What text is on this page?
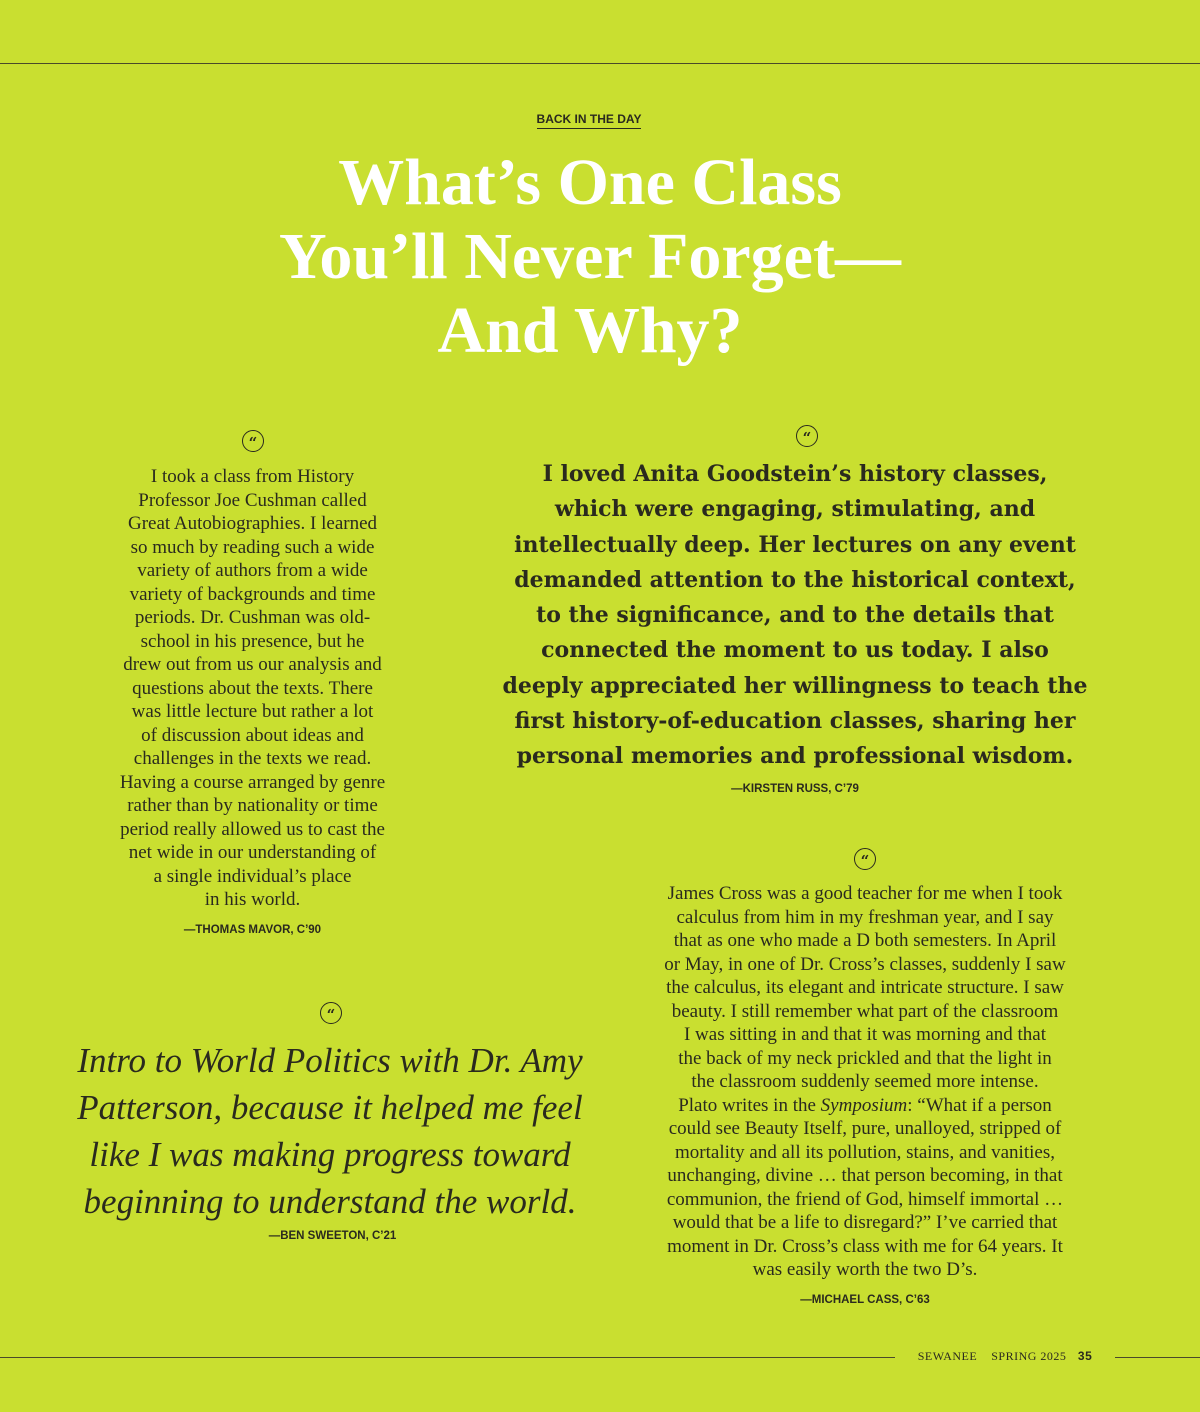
BACK IN THE DAY
What’s One Class
You’ll Never Forget—
And Why?
“
I took a class from History
Professor Joe Cushman called
Great Autobiographies. I learned
so much by reading such a wide
variety of authors from a wide
variety of backgrounds and time
periods. Dr. Cushman was old-
school in his presence, but he
drew out from us our analysis and
questions about the texts. There
was little lecture but rather a lot
of discussion about ideas and
challenges in the texts we read.
Having a course arranged by genre
rather than by nationality or time
period really allowed us to cast the
net wide in our understanding of
a single individual’s place
in his world.
—THOMAS MAVOR, C’90
“
I loved Anita Goodstein’s history classes,
which were engaging, stimulating, and
intellectually deep. Her lectures on any event
demanded attention to the historical context,
to the significance, and to the details that
connected the moment to us today. I also
deeply appreciated her willingness to teach the
first history-of-education classes, sharing her
personal memories and professional wisdom.
—KIRSTEN RUSS, C’79
“
Intro to World Politics with Dr. Amy
Patterson, because it helped me feel
like I was making progress toward
beginning to understand the world.
—BEN SWEETON, C’21
“
James Cross was a good teacher for me when I took
calculus from him in my freshman year, and I say
that as one who made a D both semesters. In April
or May, in one of Dr. Cross’s classes, suddenly I saw
the calculus, its elegant and intricate structure. I saw
beauty. I still remember what part of the classroom
I was sitting in and that it was morning and that
the back of my neck prickled and that the light in
the classroom suddenly seemed more intense.
Plato writes in the Symposium: “What if a person
could see Beauty Itself, pure, unalloyed, stripped of
mortality and all its pollution, stains, and vanities,
unchanging, divine … that person becoming, in that
communion, the friend of God, himself immortal …
would that be a life to disregard?” I’ve carried that
moment in Dr. Cross’s class with me for 64 years. It
was easily worth the two D’s.
—MICHAEL CASS, C’63
SEWANEE SPRING 2025 35
